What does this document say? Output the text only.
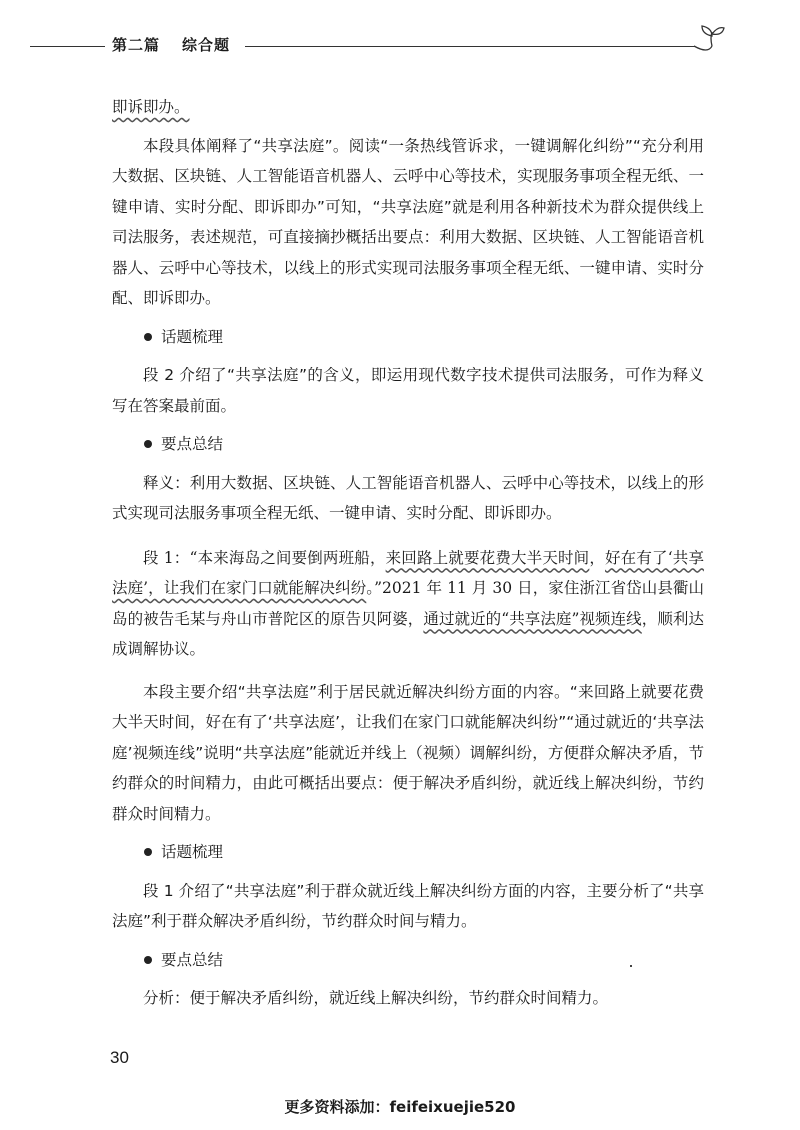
第二篇 综合题

即诉即办。

本段具体阐释了“共享法庭”。阅读“一条热线管诉求，一键调解化纠纷”“充分利用大数据、区块链、人工智能语音机器人、云呼中心等技术，实现服务事项全程无纸、一键申请、实时分配、即诉即办”可知，“共享法庭”就是利用各种新技术为群众提供线上司法服务，表述规范，可直接摘抄概括出要点：利用大数据、区块链、人工智能语音机器人、云呼中心等技术，以线上的形式实现司法服务事项全程无纸、一键申请、实时分配、即诉即办。

话题梳理

段 2 介绍了“共享法庭”的含义，即运用现代数字技术提供司法服务，可作为释义写在答案最前面。

要点总结

释义：利用大数据、区块链、人工智能语音机器人、云呼中心等技术，以线上的形式实现司法服务事项全程无纸、一键申请、实时分配、即诉即办。

段 1：“本来海岛之间要倒两班船，来回路上就要花费大半天时间，好在有了‘共享法庭’，让我们在家门口就能解决纠纷。”2021 年 11 月 30 日，家住浙江省岱山县衢山岛的被告毛某与舟山市普陀区的原告贝阿婆，通过就近的“共享法庭”视频连线，顺利达成调解协议。

本段主要介绍“共享法庭”利于居民就近解决纠纷方面的内容。“来回路上就要花费大半天时间，好在有了‘共享法庭’，让我们在家门口就能解决纠纷”“通过就近的‘共享法庭’视频连线”说明“共享法庭”能就近并线上（视频）调解纠纷，方便群众解决矛盾，节约群众的时间精力，由此可概括出要点：便于解决矛盾纠纷，就近线上解决纠纷，节约群众时间精力。

话题梳理

段 1 介绍了“共享法庭”利于群众就近线上解决纠纷方面的内容，主要分析了“共享法庭”利于群众解决矛盾纠纷，节约群众时间与精力。

要点总结

分析：便于解决矛盾纠纷，就近线上解决纠纷，节约群众时间精力。

30
更多资料添加：feifeixuejie520
